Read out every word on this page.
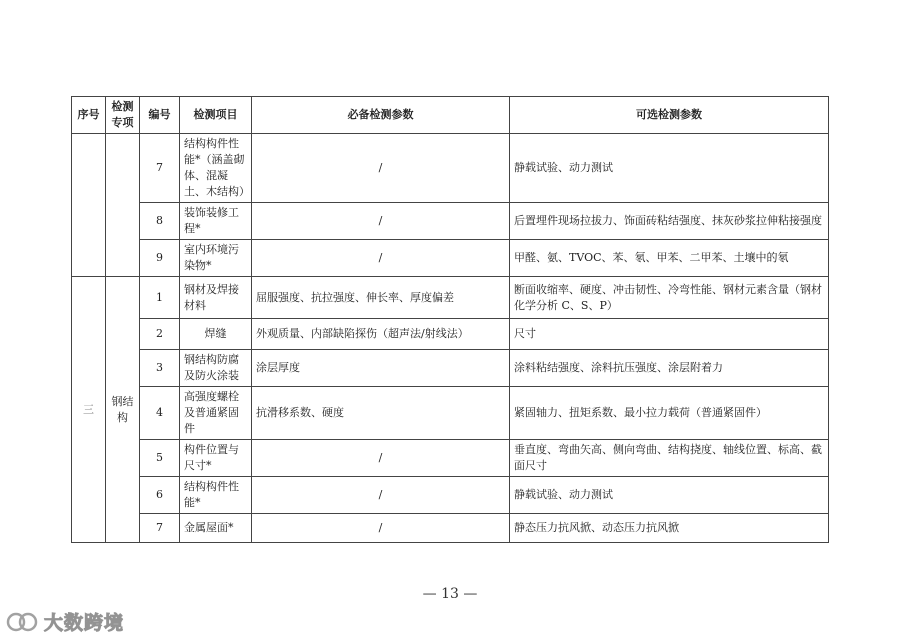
序号	检测专项	编号	检测项目	必备检测参数	可选检测参数
		7	结构构件性能*（涵盖砌体、混凝土、木结构）	/	静载试验、动力测试
		8	装饰装修工程*	/	后置埋件现场拉拔力、饰面砖粘结强度、抹灰砂浆拉伸粘接强度
		9	室内环境污染物*	/	甲醛、氨、TVOC、苯、氡、甲苯、二甲苯、土壤中的氡
三	钢结构	1	钢材及焊接材料	屈服强度、抗拉强度、伸长率、厚度偏差	断面收缩率、硬度、冲击韧性、冷弯性能、钢材元素含量（钢材化学分析 C、S、P）
		2	焊缝	外观质量、内部缺陷探伤（超声法/射线法）	尺寸
		3	钢结构防腐及防火涂装	涂层厚度	涂料粘结强度、涂料抗压强度、涂层附着力
		4	高强度螺栓及普通紧固件	抗滑移系数、硬度	紧固轴力、扭矩系数、最小拉力载荷（普通紧固件）
		5	构件位置与尺寸*	/	垂直度、弯曲矢高、侧向弯曲、结构挠度、轴线位置、标高、截面尺寸
		6	结构构件性能*	/	静载试验、动力测试
		7	金属屋面*	/	静态压力抗风掀、动态压力抗风掀
— 13 —
大数跨境
